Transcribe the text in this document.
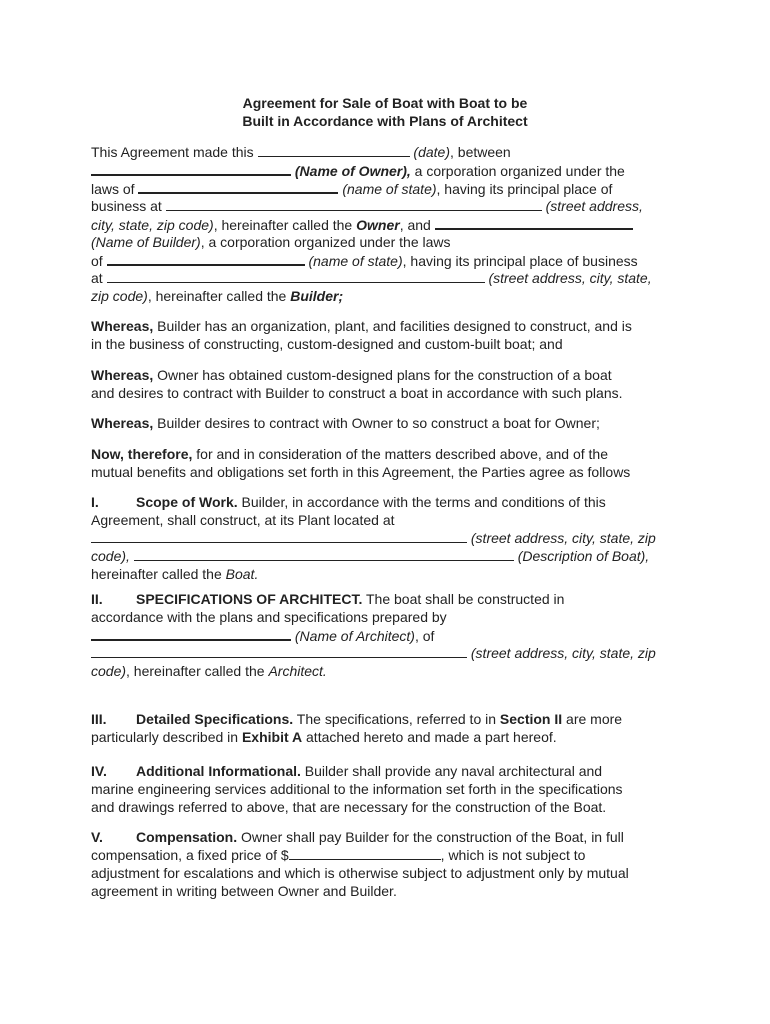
Agreement for Sale of Boat with Boat to be
Built in Accordance with Plans of Architect
This Agreement made this	(date), between
(Name of Owner), a corporation organized under the
laws of	(name of state), having its principal place of
business at	(street address,
city, state, zip code), hereinafter called the Owner, and
(Name of Builder), a corporation organized under the laws
of	(name of state), having its principal place of business
at	(street address, city, state,
zip code), hereinafter called the Builder;
Whereas, Builder has an organization, plant, and facilities designed to construct, and is
in the business of constructing, custom-designed and custom-built boat; and
Whereas, Owner has obtained custom-designed plans for the construction of a boat
and desires to contract with Builder to construct a boat in accordance with such plans.
Whereas, Builder desires to contract with Owner to so construct a boat for Owner;
Now, therefore, for and in consideration of the matters described above, and of the
mutual benefits and obligations set forth in this Agreement, the Parties agree as follows
I.	Scope of Work. Builder, in accordance with the terms and conditions of this
Agreement, shall construct, at its Plant located at
(street address, city, state, zip
code),	(Description of Boat),
hereinafter called the Boat.
II. SPECIFICATIONS OF ARCHITECT. The boat shall be constructed in
accordance with the plans and specifications prepared by
(Name of Architect), of
(street address, city, state, zip
code), hereinafter called the Architect.
III. Detailed Specifications. The specifications, referred to in Section II are more
particularly described in Exhibit A attached hereto and made a part hereof.
IV. Additional Informational. Builder shall provide any naval architectural and
marine engineering services additional to the information set forth in the specifications
and drawings referred to above, that are necessary for the construction of the Boat.
V. Compensation. Owner shall pay Builder for the construction of the Boat, in full
compensation, a fixed price of $	, which is not subject to
adjustment for escalations and which is otherwise subject to adjustment only by mutual
agreement in writing between Owner and Builder.
